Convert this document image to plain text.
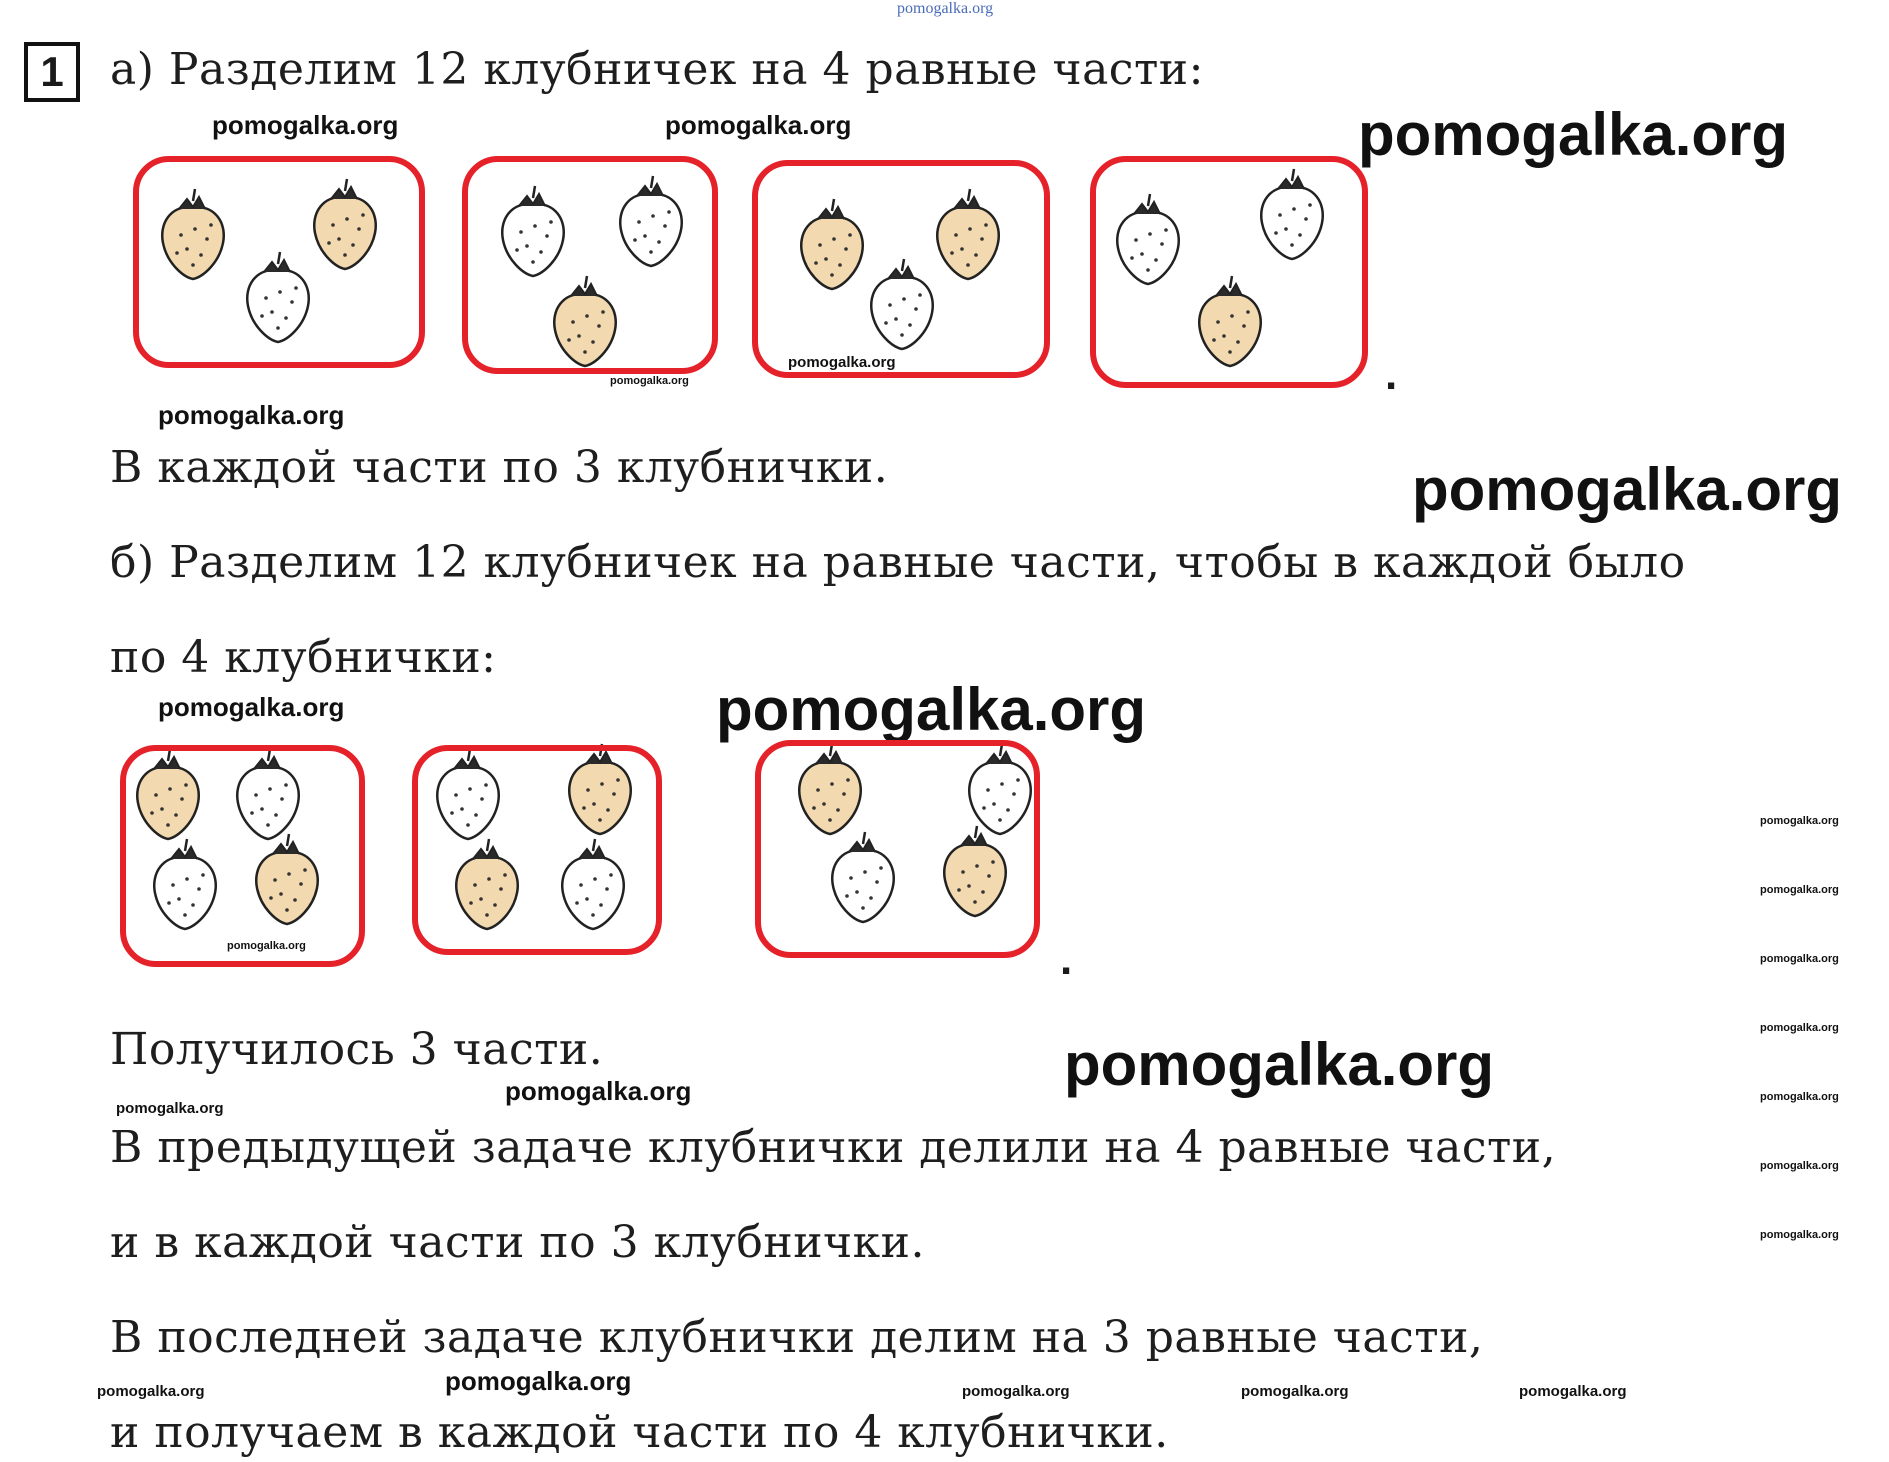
pomogalka.org
1 а) Разделим 12 клубничек на 4 равные части:
pomogalka.org	pomogalka.org	pomogalka.org
pomogalka.org
pomogalka.org	.
pomogalka.org
В каждой части по 3 клубнички.	pomogalka.org
б) Разделим 12 клубничек на равные части, чтобы в каждой было
по 4 клубнички:
pomogalka.org	pomogalka.org
pomogalka.org	.
pomogalka.org
pomogalka.org
pomogalka.org
pomogalka.org
pomogalka.org
pomogalka.org
pomogalka.org
Получилось 3 части.	pomogalka.org
pomogalka.org
pomogalka.org
В предыдущей задаче клубнички делили на 4 равные части,
и в каждой части по 3 клубнички.
В последней задаче клубнички делим на 3 равные части,
pomogalka.org	pomogalka.org	pomogalka.org	pomogalka.org	pomogalka.org
и получаем в каждой части по 4 клубнички.
